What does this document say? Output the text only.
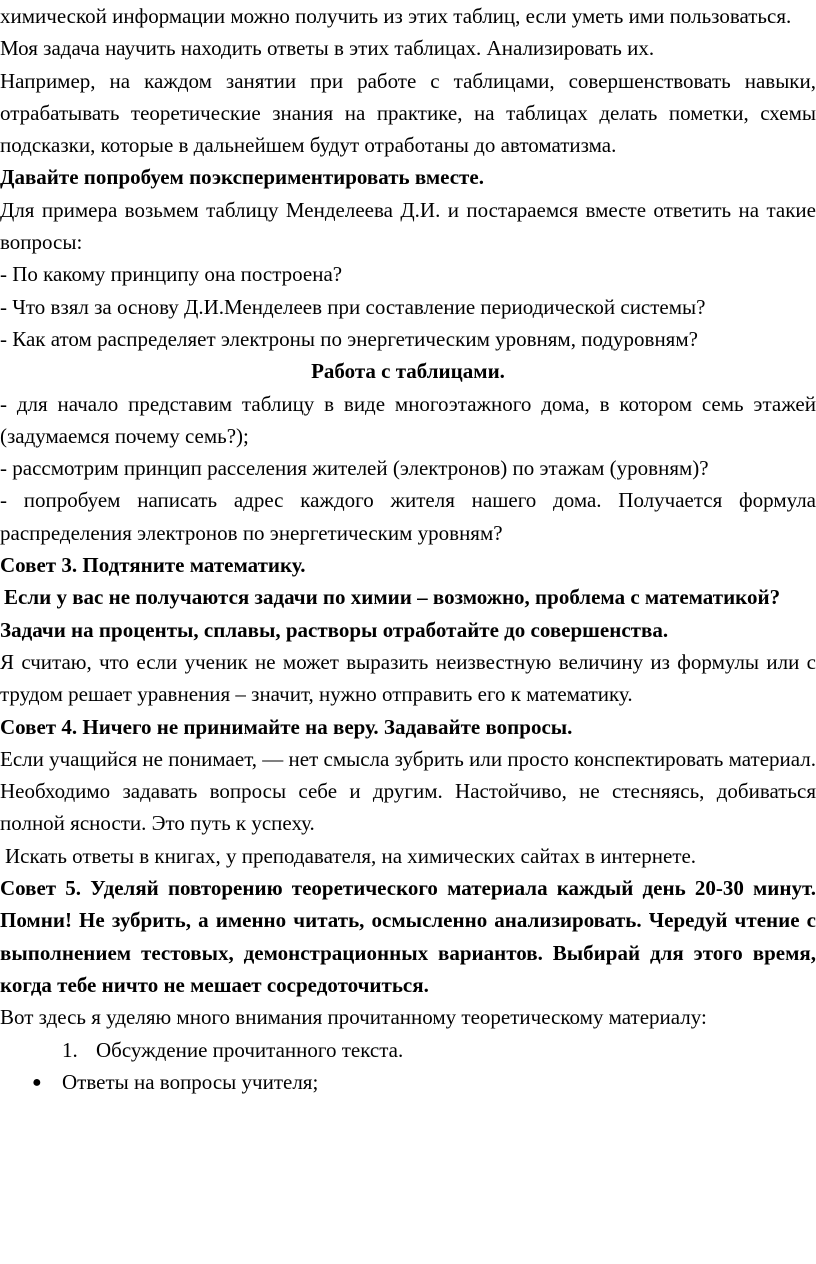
химической информации можно получить из этих таблиц, если уметь ими пользоваться.

Моя задача научить находить ответы в этих таблицах. Анализировать их.

Например, на каждом занятии при работе с таблицами, совершенствовать навыки, отрабатывать теоретические знания на практике, на таблицах делать пометки, схемы подсказки, которые в дальнейшем будут отработаны до автоматизма.

Давайте попробуем поэкспериментировать вместе.

Для примера возьмем таблицу Менделеева Д.И. и постараемся вместе ответить на такие вопросы:

- По какому принципу она построена?

- Что взял за основу Д.И.Менделеев при составление периодической системы?

- Как атом распределяет электроны по энергетическим уровням, подуровням?

Работа с таблицами.

- для начало представим таблицу в виде многоэтажного дома, в котором семь этажей (задумаемся почему семь?);

- рассмотрим принцип расселения жителей (электронов) по этажам (уровням)?

- попробуем написать адрес каждого жителя нашего дома. Получается формула распределения электронов по энергетическим уровням?

Совет 3. Подтяните математику.

Если у вас не получаются задачи по химии – возможно, проблема с математикой?

Задачи на проценты, сплавы, растворы отработайте до совершенства.

Я считаю, что если ученик не может выразить неизвестную величину из формулы или с трудом решает уравнения – значит, нужно отправить его к математику.

Совет 4. Ничего не принимайте на веру. Задавайте вопросы.

Если учащийся не понимает, — нет смысла зубрить или просто конспектировать материал. Необходимо задавать вопросы себе и другим. Настойчиво, не стесняясь, добиваться полной ясности. Это путь к успеху.

Искать ответы в книгах, у преподавателя, на химических сайтах в интернете.

Совет 5. Уделяй повторению теоретического материала каждый день 20-30 минут. Помни! Не зубрить, а именно читать, осмысленно анализировать. Чередуй чтение с выполнением тестовых, демонстрационных вариантов. Выбирай для этого время, когда тебе ничто не мешает сосредоточиться.

Вот здесь я уделяю много внимания прочитанному теоретическому материалу:

1. Обсуждение прочитанного текста.
● Ответы на вопросы учителя;
